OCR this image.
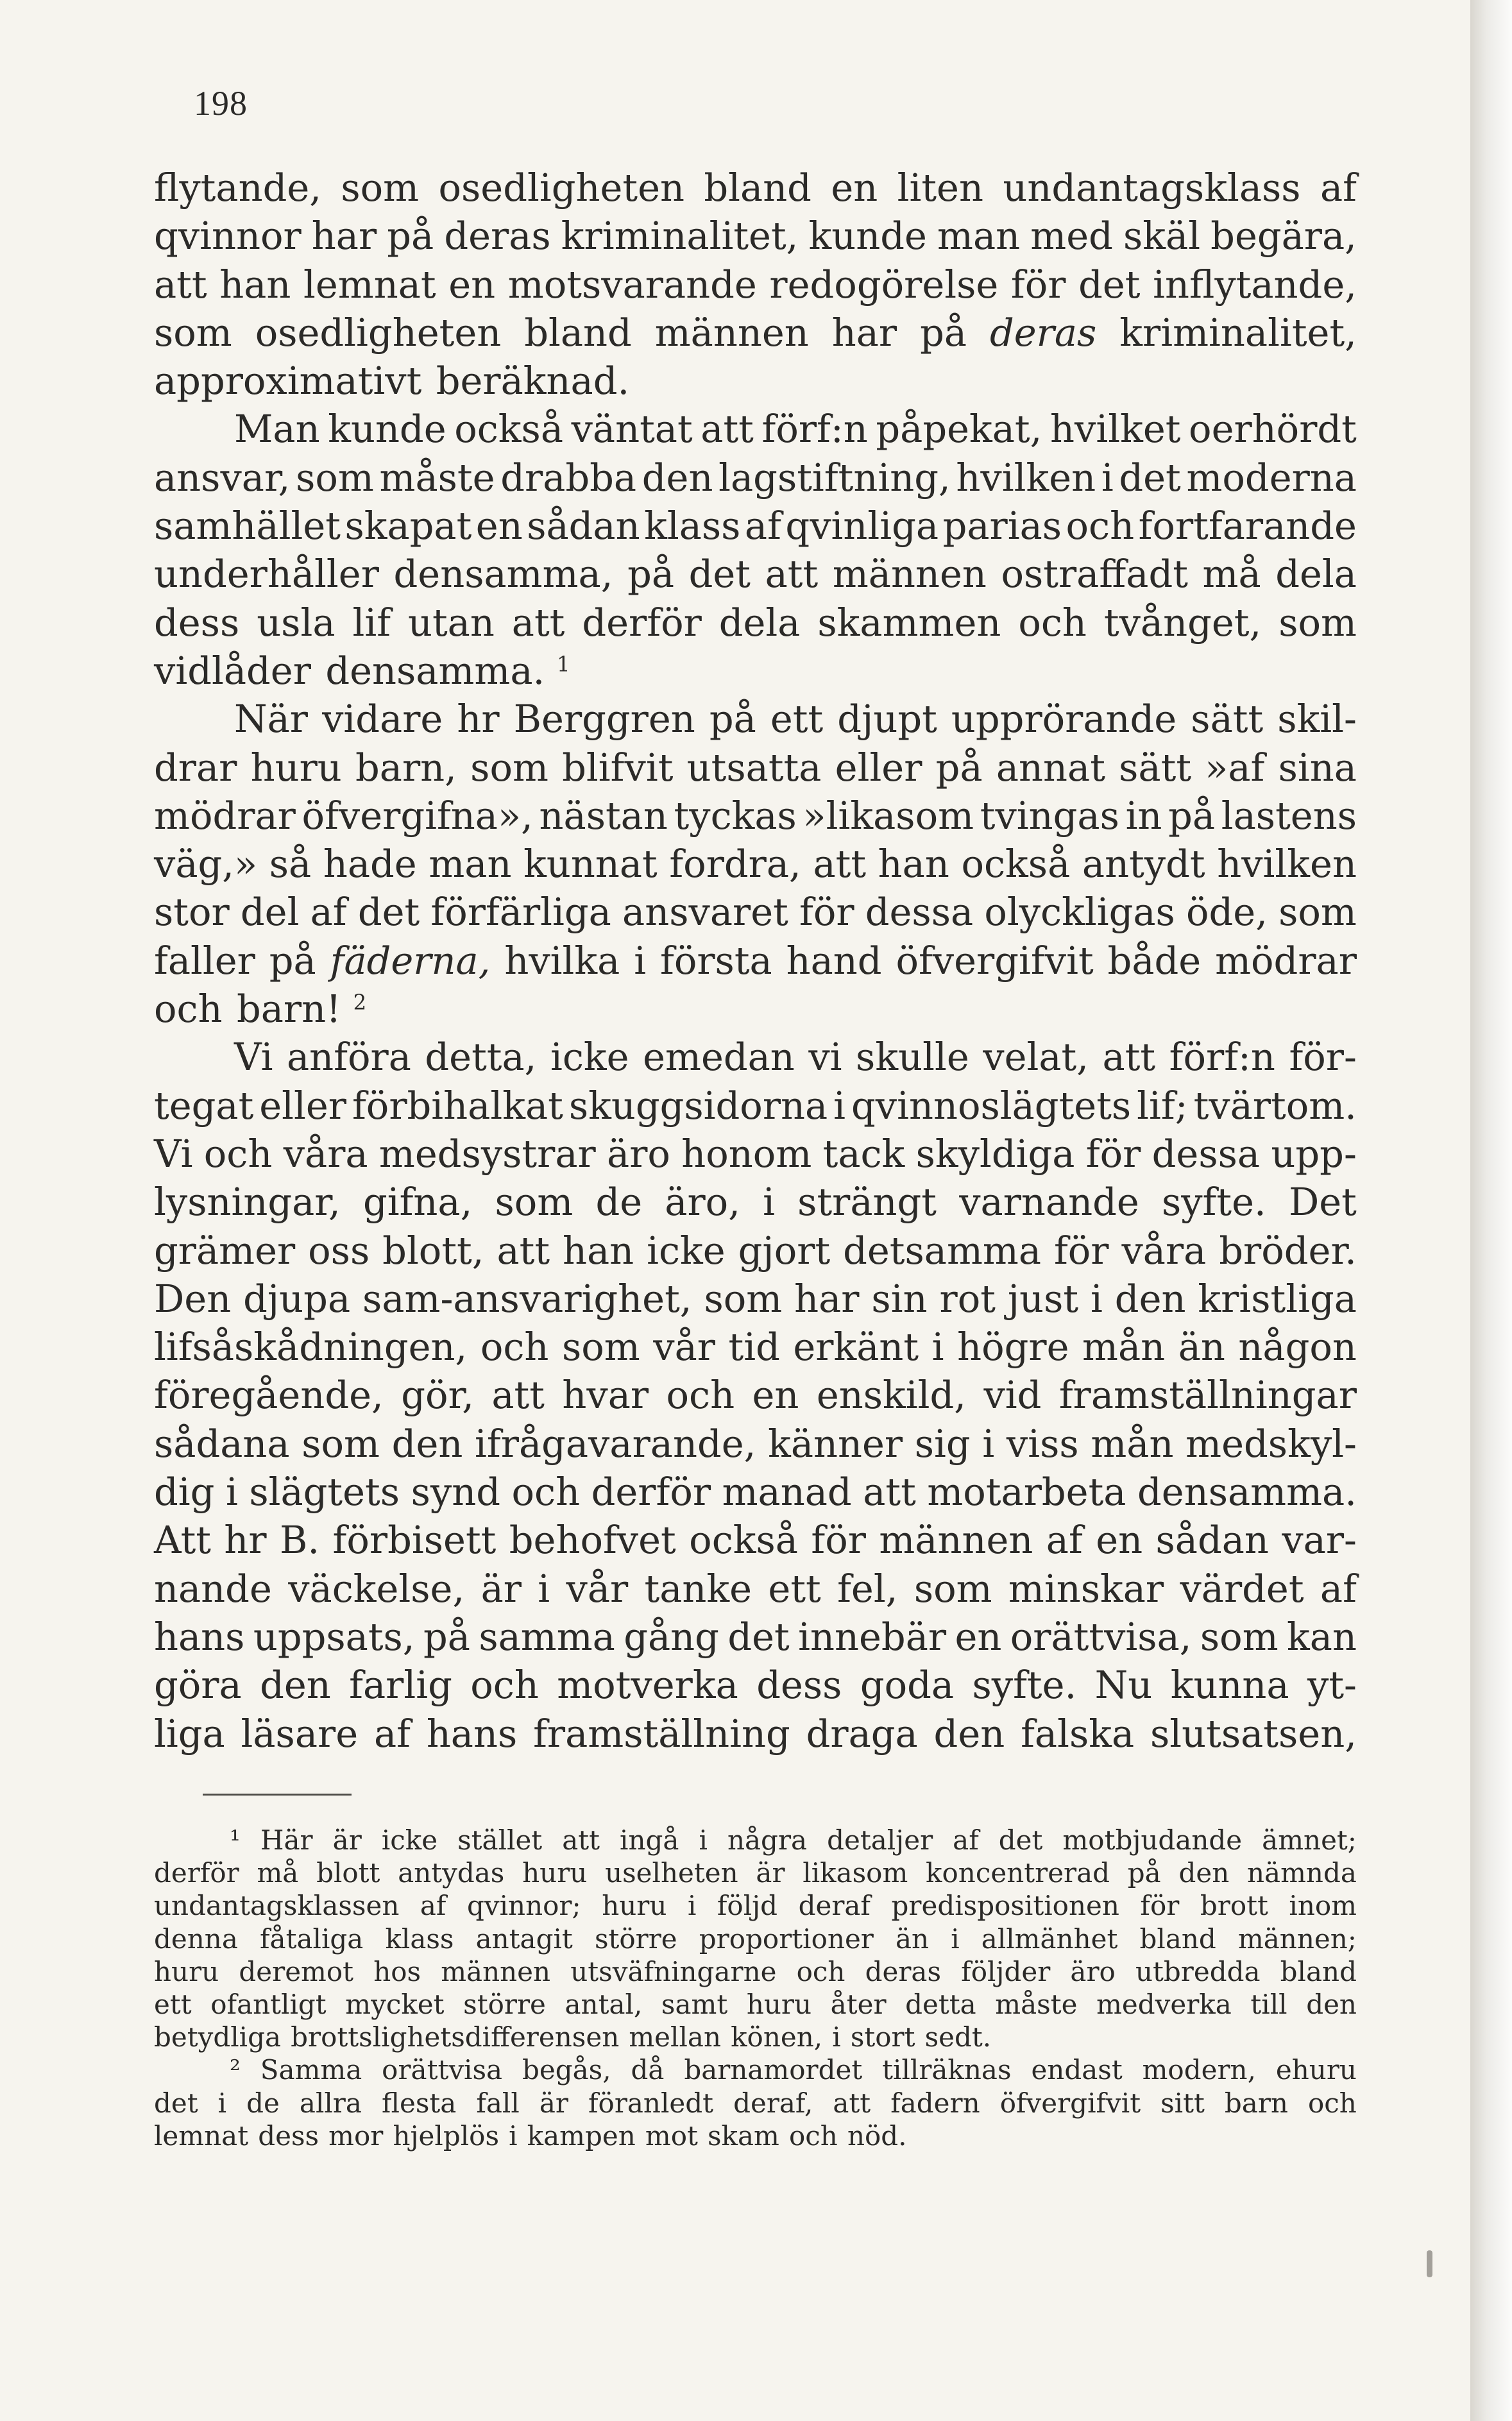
198
flytande, som osedligheten bland en liten undantagsklass af
qvinnor har på deras kriminalitet, kunde man med skäl begära,
att han lemnat en motsvarande redogörelse för det inflytande,
som osedligheten bland männen har på deras kriminalitet,
approximativt beräknad.
Man kunde också väntat att förf:n påpekat, hvilket oerhördt
ansvar, som måste drabba den lagstiftning, hvilken i det moderna
samhället skapat en sådan klass af qvinliga parias och fortfarande
underhåller densamma, på det att männen ostraffadt må dela
dess usla lif utan att derför dela skammen och tvånget, som
vidlåder densamma. $^1$
När vidare hr Berggren på ett djupt upprörande sätt skil-
drar huru barn, som blifvit utsatta eller på annat sätt »af sina
mödrar öfvergifna», nästan tyckas »likasom tvingas in på lastens
väg,» så hade man kunnat fordra, att han också antydt hvilken
stor del af det förfärliga ansvaret för dessa olyckligas öde, som
faller på fäderna, hvilka i första hand öfvergifvit både mödrar
och barn! $^2$
Vi anföra detta, icke emedan vi skulle velat, att förf:n för-
tegat eller förbihalkat skuggsidorna i qvinnoslägtets lif; tvärtom.
Vi och våra medsystrar äro honom tack skyldiga för dessa upp-
lysningar, gifna, som de äro, i strängt varnande syfte. Det
grämer oss blott, att han icke gjort detsamma för våra bröder.
Den djupa sam-ansvarighet, som har sin rot just i den kristliga
lifsåskådningen, och som vår tid erkänt i högre mån än någon
föregående, gör, att hvar och en enskild, vid framställningar
sådana som den ifrågavarande, känner sig i viss mån medskyl-
dig i slägtets synd och derför manad att motarbeta densamma.
Att hr B. förbisett behofvet också för männen af en sådan var-
nande väckelse, är i vår tanke ett fel, som minskar värdet af
hans uppsats, på samma gång det innebär en orättvisa, som kan
göra den farlig och motverka dess goda syfte. Nu kunna yt-
liga läsare af hans framställning draga den falska slutsatsen,
¹ Här är icke stället att ingå i några detaljer af det motbjudande ämnet;
derför må blott antydas huru uselheten är likasom koncentrerad på den nämnda
undantagsklassen af qvinnor; huru i följd deraf predispositionen för brott inom
denna fåtaliga klass antagit större proportioner än i allmänhet bland männen;
huru deremot hos männen utsväfningarne och deras följder äro utbredda bland
ett ofantligt mycket större antal, samt huru åter detta måste medverka till den
betydliga brottslighetsdifferensen mellan könen, i stort sedt.
² Samma orättvisa begås, då barnamordet tillräknas endast modern, ehuru
det i de allra flesta fall är föranledt deraf, att fadern öfvergifvit sitt barn och
lemnat dess mor hjelplös i kampen mot skam och nöd.
